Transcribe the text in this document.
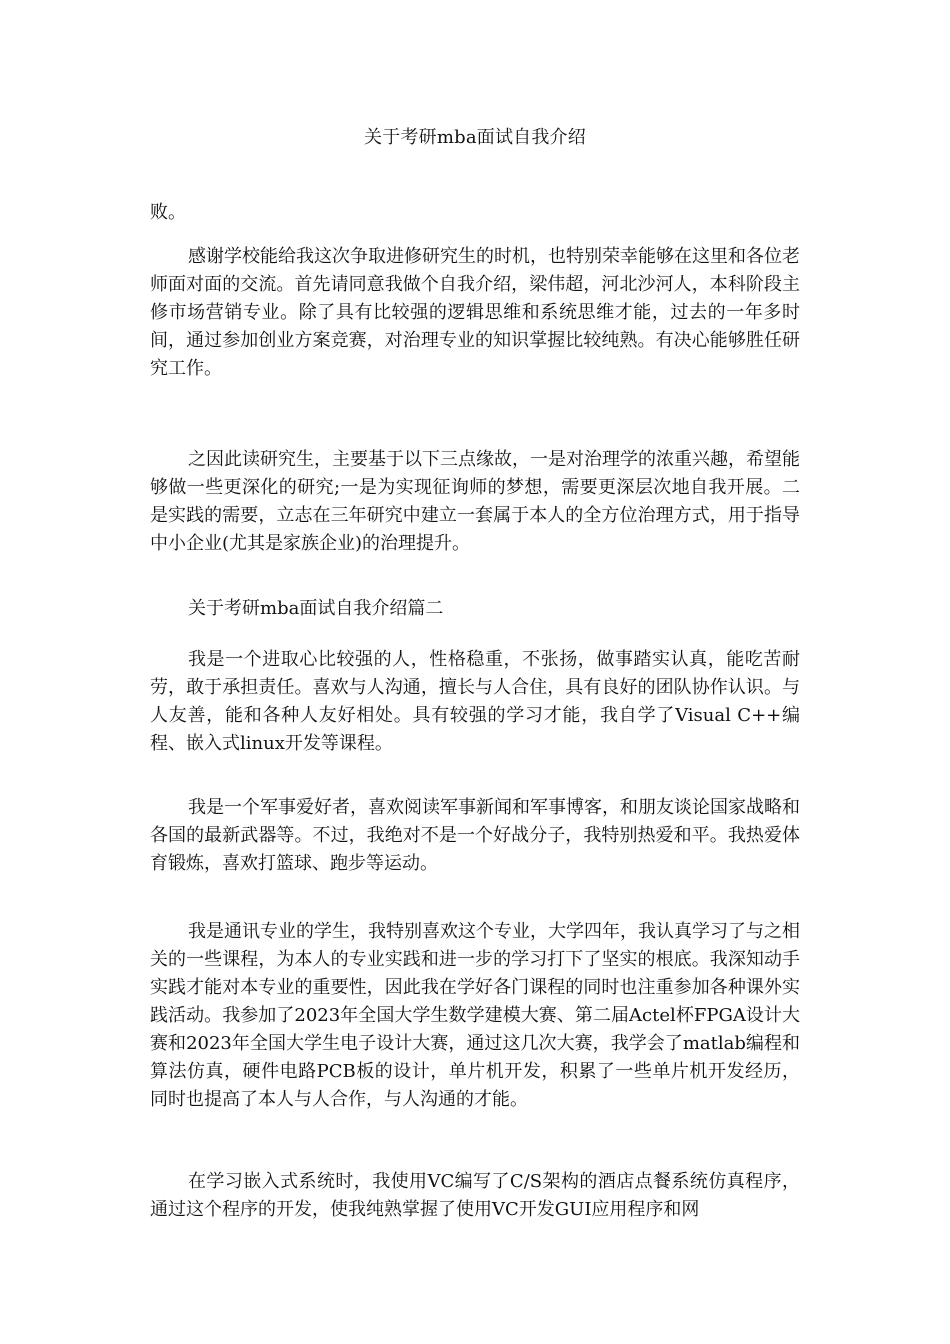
关于考研mba面试自我介绍
败。

感谢学校能给我这次争取进修研究生的时机，也特别荣幸能够在这里和各位老师面对面的交流。首先请同意我做个自我介绍，梁伟超，河北沙河人，本科阶段主修市场营销专业。除了具有比较强的逻辑思维和系统思维才能，过去的一年多时间，通过参加创业方案竞赛，对治理专业的知识掌握比较纯熟。有决心能够胜任研究工作。

之因此读研究生，主要基于以下三点缘故，一是对治理学的浓重兴趣，希望能够做一些更深化的研究;一是为实现征询师的梦想，需要更深层次地自我开展。二是实践的需要，立志在三年研究中建立一套属于本人的全方位治理方式，用于指导中小企业(尤其是家族企业)的治理提升。

关于考研mba面试自我介绍篇二

我是一个进取心比较强的人，性格稳重，不张扬，做事踏实认真，能吃苦耐劳，敢于承担责任。喜欢与人沟通，擅长与人合住，具有良好的团队协作认识。与人友善，能和各种人友好相处。具有较强的学习才能，我自学了Visual C++编程、嵌入式linux开发等课程。

我是一个军事爱好者，喜欢阅读军事新闻和军事博客，和朋友谈论国家战略和各国的最新武器等。不过，我绝对不是一个好战分子，我特别热爱和平。我热爱体育锻炼，喜欢打篮球、跑步等运动。

我是通讯专业的学生，我特别喜欢这个专业，大学四年，我认真学习了与之相关的一些课程，为本人的专业实践和进一步的学习打下了坚实的根底。我深知动手实践才能对本专业的重要性，因此我在学好各门课程的同时也注重参加各种课外实践活动。我参加了2023年全国大学生数学建模大赛、第二届Actel杯FPGA设计大赛和2023年全国大学生电子设计大赛，通过这几次大赛，我学会了matlab编程和算法仿真，硬件电路PCB板的设计，单片机开发，积累了一些单片机开发经历，同时也提高了本人与人合作，与人沟通的才能。

在学习嵌入式系统时，我使用VC编写了C/S架构的酒店点餐系统仿真程序，通过这个程序的开发，使我纯熟掌握了使用VC开发GUI应用程序和网
